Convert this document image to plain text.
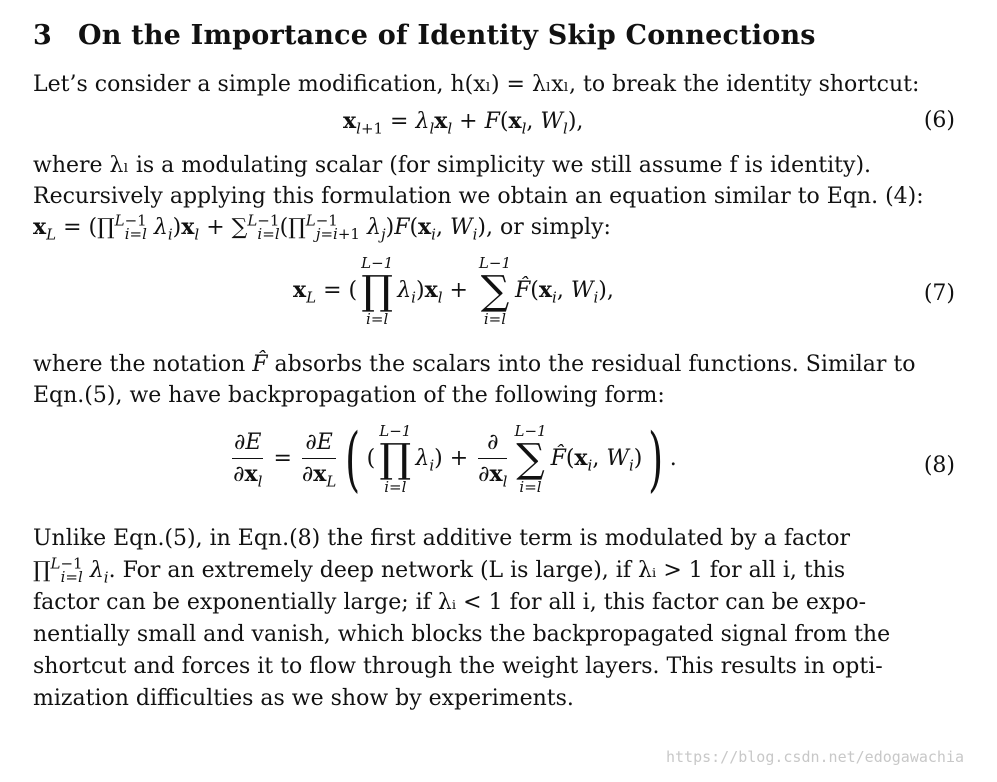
3 On the Importance of Identity Skip Connections

Let’s consider a simple modification, h(xₗ) = λₗxₗ, to break the identity shortcut:

$x_{l+1} = \lambda_lx_l + F(x_l$, $W_l$),	(6)

where λₗ is a modulating scalar (for simplicity we still assume f is identity).
Recursively applying this formulation we obtain an equation similar to Eqn. (4):
$x_L$ = (∏$^{L-1}_{i=l}$ $\lambda_i)x_l$ + ∑$^{L-1}_{i=l}$(∏$^{L-1}_{j=i+1}$ $\lambda_j)F(x_i$, $W_i$), or simply:

$x_L$ = (
L−1
∏
i=l
$\lambda_i)x_l$ +
L−1
∑
i=l
$F̂(x_i$, $W_i$),	(7)

where the notation F̂ absorbs the scalars into the residual functions. Similar to
Eqn.(5), we have backpropagation of the following form:

$\frac{\partial E}{\partial x_l} = \frac{\partial E}{\partial x_L}$ ( (
L−1
∏
i=l
$\lambda_i) + \frac{\partial}{\partial x_l} L-1$
∑
i=l
$F̂(x_i$, $W_i$)) .	(8)

Unlike Eqn.(5), in Eqn.(8) the first additive term is modulated by a factor
∏$^{L-1}_{i=l}$ $\lambda_i$. For an extremely deep network (L is large), if λᵢ > 1 for all i, this
factor can be exponentially large; if λᵢ < 1 for all i, this factor can be expo-
nentially small and vanish, which blocks the backpropagated signal from the
shortcut and forces it to flow through the weight layers. This results in opti-
mization difficulties as we show by experiments.

https://blog.csdn.net/edogawachia
